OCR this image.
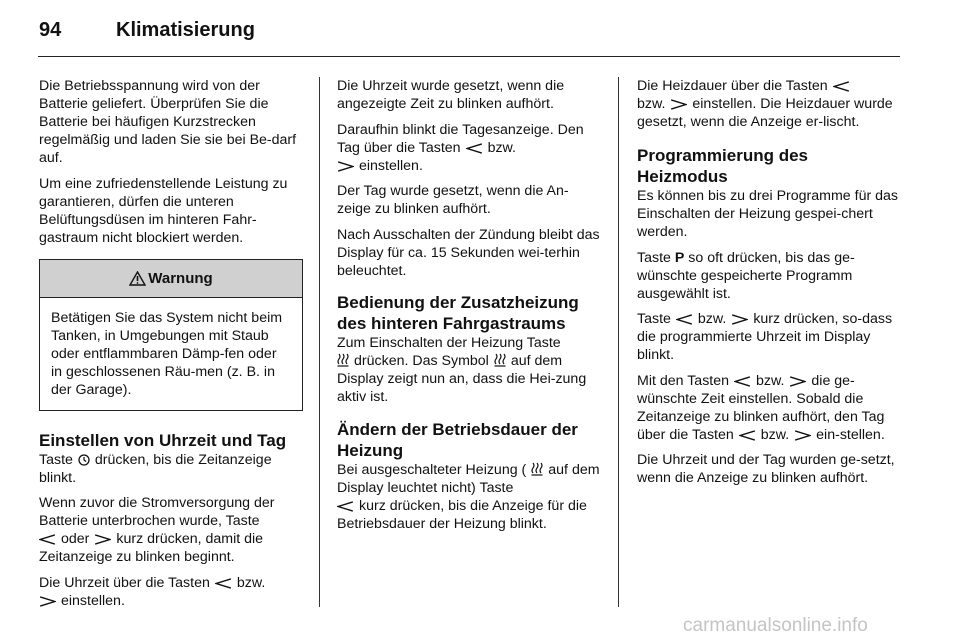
94	Klimatisierung

Die Betriebsspannung wird von der Batterie geliefert. Überprüfen Sie die Batterie bei häufigen Kurzstrecken regelmäßig und laden Sie sie bei Be-darf auf.

Um eine zufriedenstellende Leistung zu garantieren, dürfen die unteren Belüftungsdüsen im hinteren Fahr-gastraum nicht blockiert werden.

Warnung
Betätigen Sie das System nicht beim Tanken, in Umgebungen mit Staub oder entflammbaren Dämp-fen oder in geschlossenen Räu-men (z. B. in der Garage).
Einstellen von Uhrzeit und Tag

Taste drücken, bis die Zeitanzeige blinkt.

Wenn zuvor die Stromversorgung der Batterie unterbrochen wurde, Taste
oder kurz drücken, damit die Zeitanzeige zu blinken beginnt.

Die Uhrzeit über die Tasten bzw.
einstellen.

Die Uhrzeit wurde gesetzt, wenn die angezeigte Zeit zu blinken aufhört.

Daraufhin blinkt die Tagesanzeige. Den Tag über die Tasten bzw.
einstellen.

Der Tag wurde gesetzt, wenn die An-zeige zu blinken aufhört.

Nach Ausschalten der Zündung bleibt das Display für ca. 15 Sekunden wei-terhin beleuchtet.

Bedienung der Zusatzheizung des hinteren Fahrgastraums

Zum Einschalten der Heizung Taste
drücken. Das Symbol auf dem Display zeigt nun an, dass die Hei-zung aktiv ist.

Ändern der Betriebsdauer der Heizung

Bei ausgeschalteter Heizung ( auf dem Display leuchtet nicht) Taste
kurz drücken, bis die Anzeige für die Betriebsdauer der Heizung blinkt.

Die Heizdauer über die Tasten
bzw. einstellen. Die Heizdauer wurde gesetzt, wenn die Anzeige er-lischt.

Programmierung des Heizmodus

Es können bis zu drei Programme für das Einschalten der Heizung gespei-chert werden.

Taste P so oft drücken, bis das ge-wünschte gespeicherte Programm ausgewählt ist.

Taste bzw. kurz drücken, so-dass die programmierte Uhrzeit im Display blinkt.

Mit den Tasten bzw. die ge-wünschte Zeit einstellen. Sobald die Zeitanzeige zu blinken aufhört, den Tag über die Tasten bzw. ein-stellen.

Die Uhrzeit und der Tag wurden ge-setzt, wenn die Anzeige zu blinken aufhört.

carmanualsonline.info
